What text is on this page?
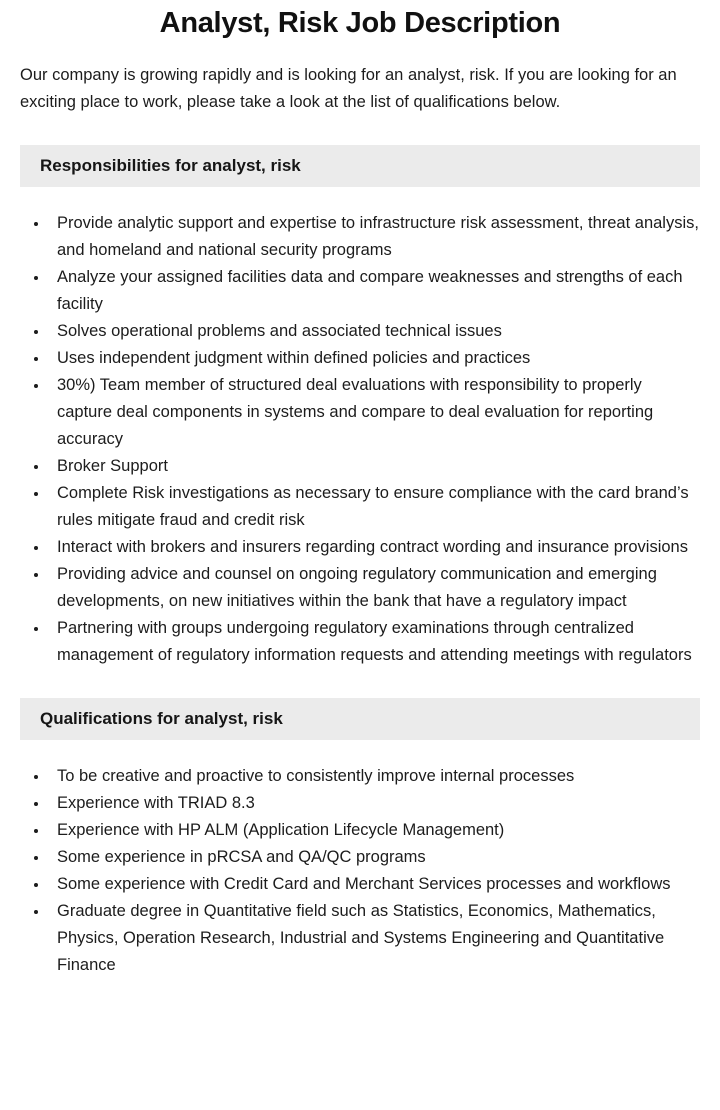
Analyst, Risk Job Description

Our company is growing rapidly and is looking for an analyst, risk. If you are looking for an exciting place to work, please take a look at the list of qualifications below.

Responsibilities for analyst, risk
• Provide analytic support and expertise to infrastructure risk assessment, threat analysis, and homeland and national security programs
• Analyze your assigned facilities data and compare weaknesses and strengths of each facility
• Solves operational problems and associated technical issues
• Uses independent judgment within defined policies and practices
• 30%) Team member of structured deal evaluations with responsibility to properly capture deal components in systems and compare to deal evaluation for reporting accuracy
• Broker Support
• Complete Risk investigations as necessary to ensure compliance with the card brand’s rules mitigate fraud and credit risk
• Interact with brokers and insurers regarding contract wording and insurance provisions
• Providing advice and counsel on ongoing regulatory communication and emerging developments, on new initiatives within the bank that have a regulatory impact
• Partnering with groups undergoing regulatory examinations through centralized management of regulatory information requests and attending meetings with regulators
Qualifications for analyst, risk
• To be creative and proactive to consistently improve internal processes
• Experience with TRIAD 8.3
• Experience with HP ALM (Application Lifecycle Management)
• Some experience in pRCSA and QA/QC programs
• Some experience with Credit Card and Merchant Services processes and workflows
• Graduate degree in Quantitative field such as Statistics, Economics, Mathematics, Physics, Operation Research, Industrial and Systems Engineering and Quantitative Finance
